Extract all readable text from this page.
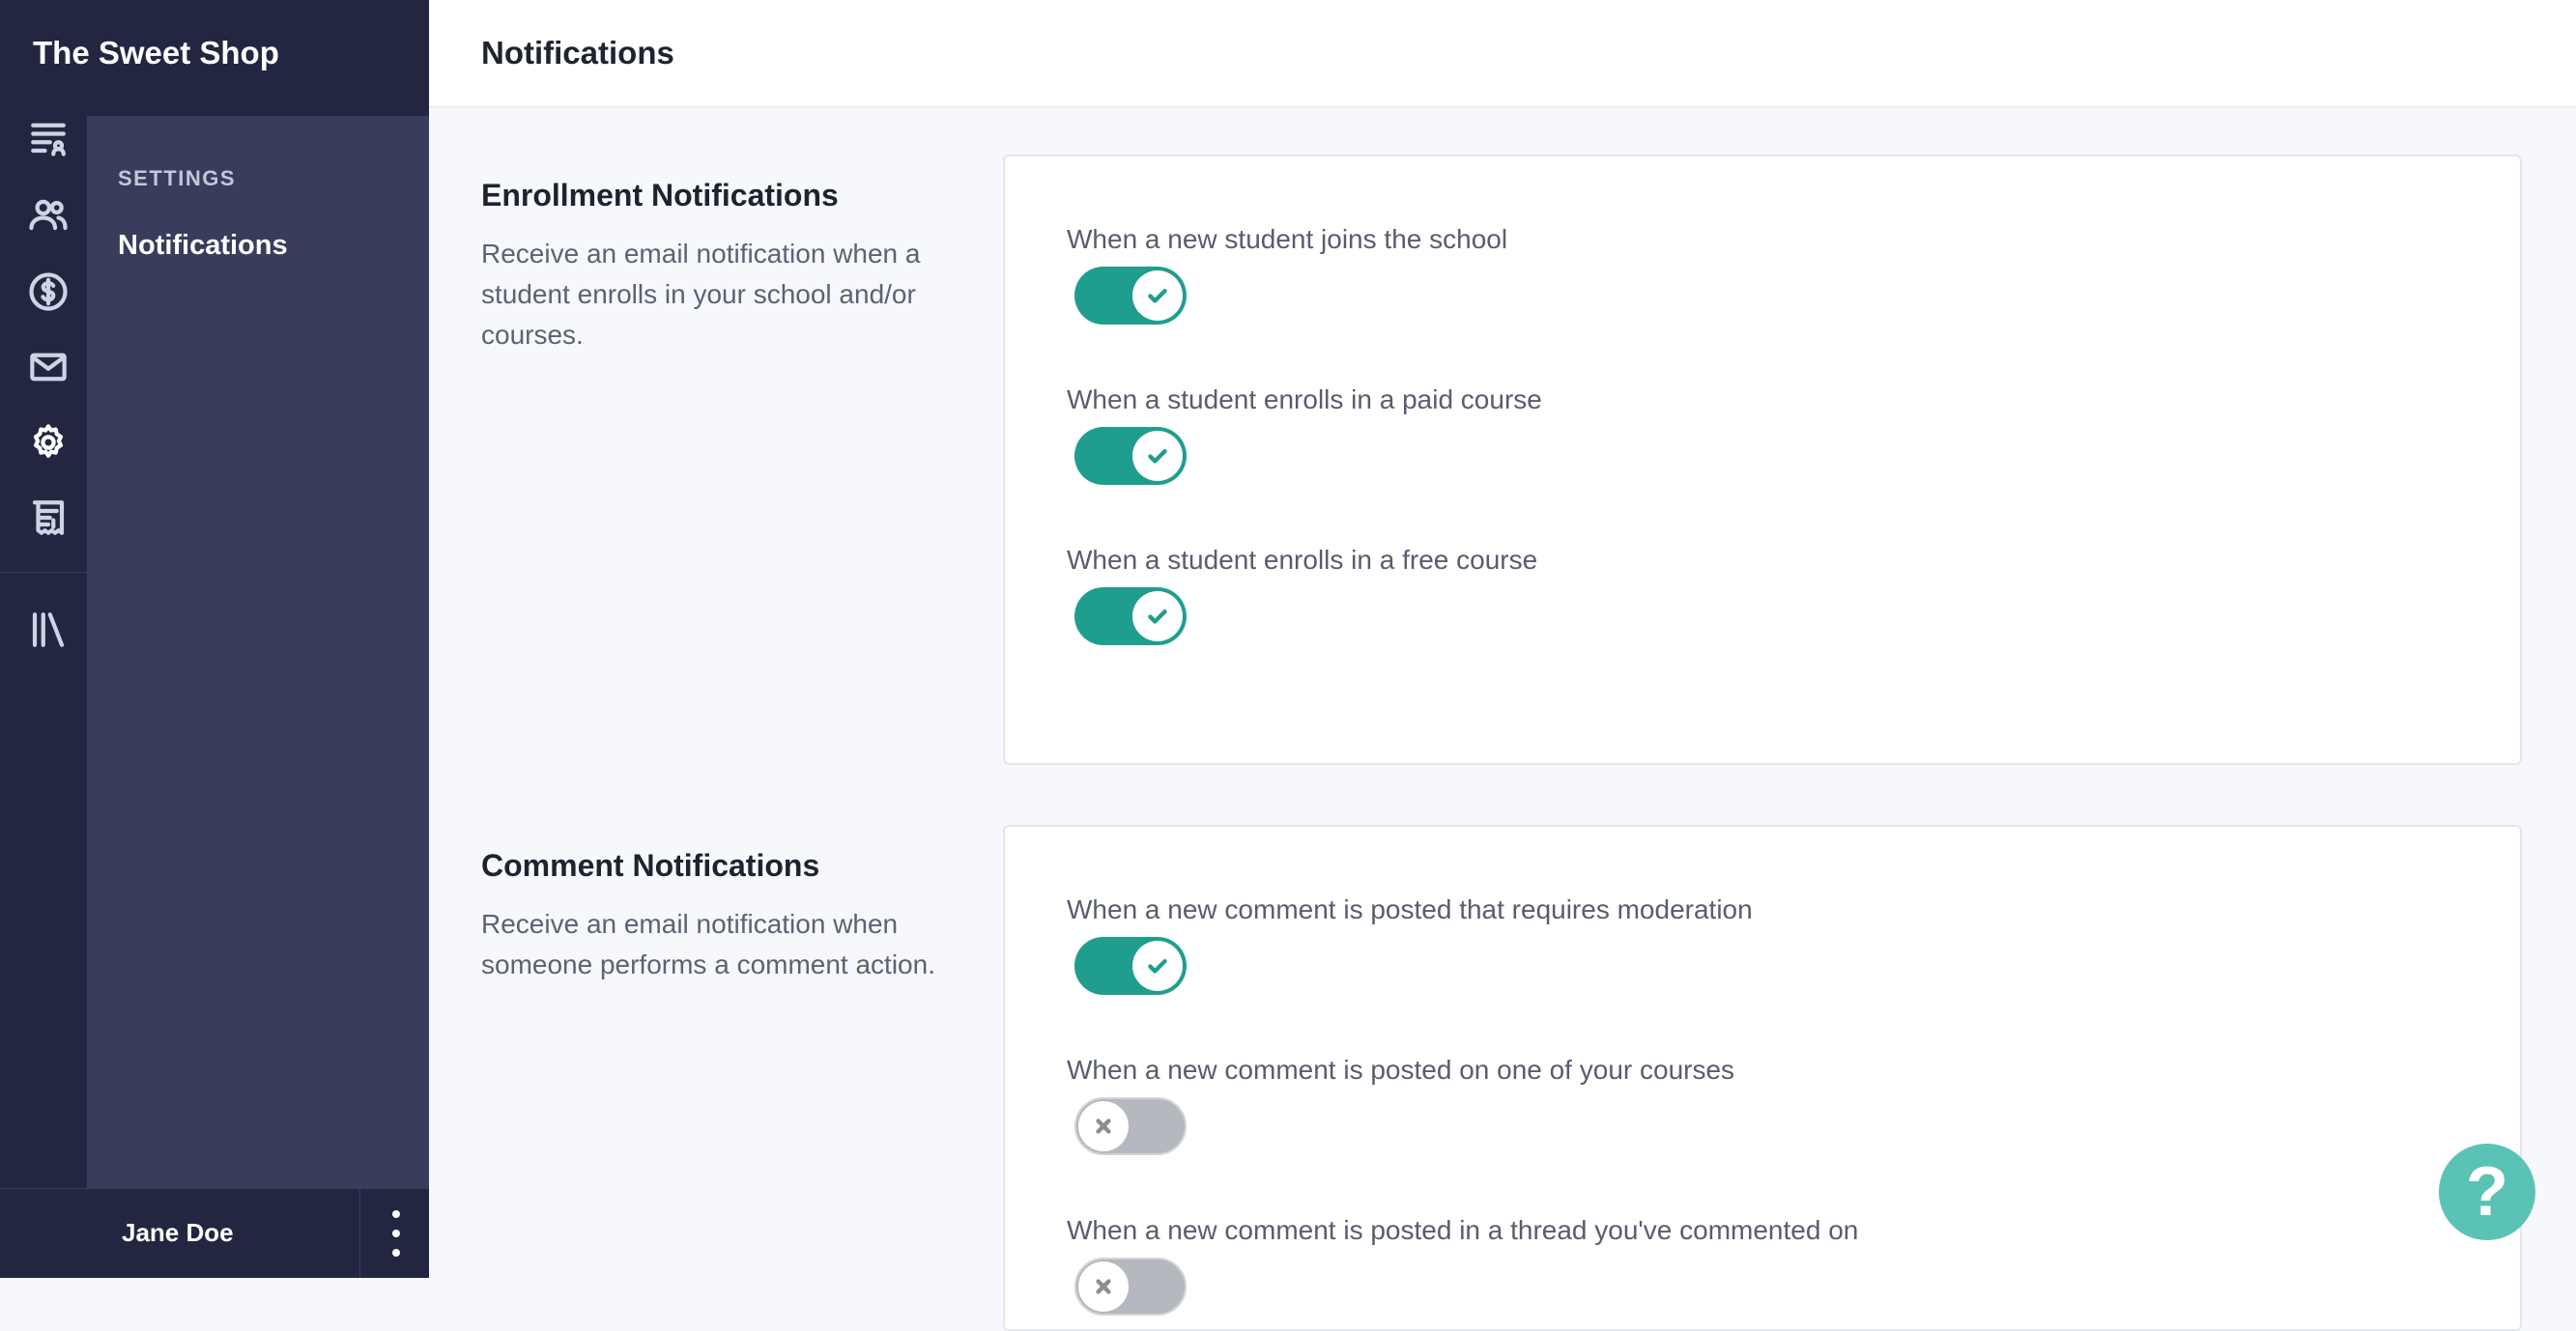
The Sweet Shop
SETTINGS
Notifications
Jane Doe
Notifications
Enrollment Notifications
Receive an email notification when a student enrolls in your school and/or courses.
When a new student joins the school
When a student enrolls in a paid course
When a student enrolls in a free course
Comment Notifications
Receive an email notification when someone performs a comment action.
When a new comment is posted that requires moderation
When a new comment is posted on one of your courses
When a new comment is posted in a thread you've commented on	?
